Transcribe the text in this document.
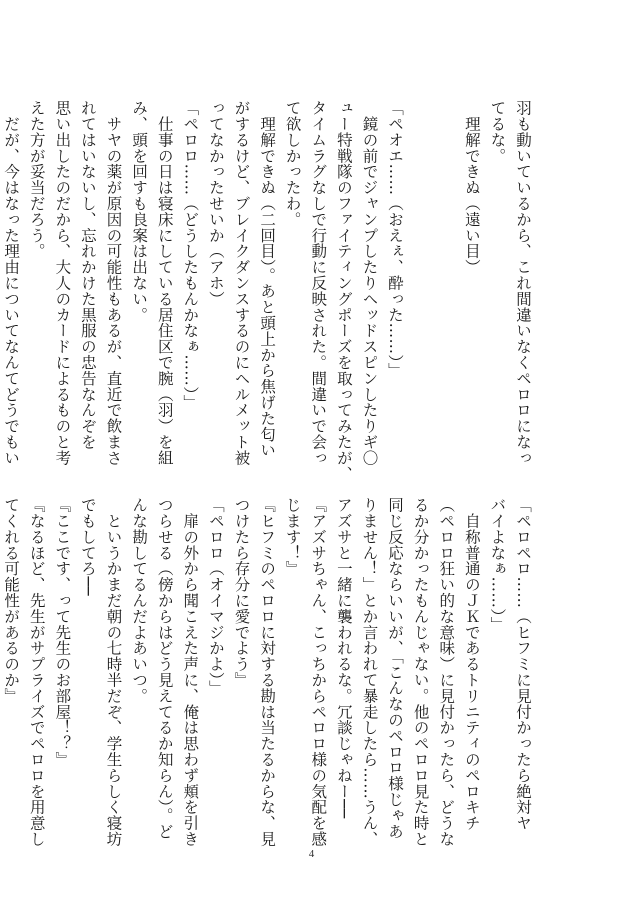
羽も動いているから、これ間違いなくペロロになっ
てるな。
　理解できぬ（遠い目）

「ペオエ……（おえぇ、酔った……）」
　鏡の前でジャンプしたりヘッドスピンしたりギ〇
ュー特戦隊のファイティングポーズを取ってみたが、
タイムラグなしで行動に反映された。間違いで会っ
て欲しかったわ。
　理解できぬ（二回目）。あと頭上から焦げた匂い
がするけど、ブレイクダンスするのにヘルメット被
ってなかったせいか（アホ）
「ペロロ……（どうしたもんかなぁ……）」
　仕事の日は寝床にしている居住区で腕（羽）を組
み、頭を回すも良案は出ない。
　サヤの薬が原因の可能性もあるが、直近で飲まさ
れてはいないし、忘れかけた黒服の忠告なんぞを
思い出したのだから、大人のカードによるものと考
えた方が妥当だろう。
　だが、今はなった理由についてなんてどうでもい
「ペロペロ……（ヒフミに見付かったら絶対ヤ
バイよなぁ……）」
　自称普通のＪＫであるトリニティのペロキチ
（ペロロ狂い的な意味）に見付かったら、どうな
るか分かったもんじゃない。他のペロロ見た時と
同じ反応ならいいが、「こんなのペロロ様じゃあ
りません！」とか言われて暴走したら……うん、
アズサと一緒に襲われるな。冗談じゃねー──
『アズサちゃん、こっちからペロロ様の気配を感
じます！』
『ヒフミのペロロに対する勘は当たるからな、見
つけたら存分に愛でよう』
「ペロロ（オイマジかよ）」
　扉の外から聞こえた声に、俺は思わず頬を引き
つらせる（傍からはどう見えてるか知らん）。ど
んな勘してるんだよあいつ。
　というかまだ朝の七時半だぞ、学生らしく寝坊
でもしてろ──
『ここです、って先生のお部屋！？』
『なるほど、先生がサプライズでペロロを用意し
てくれる可能性があるのか』
4
